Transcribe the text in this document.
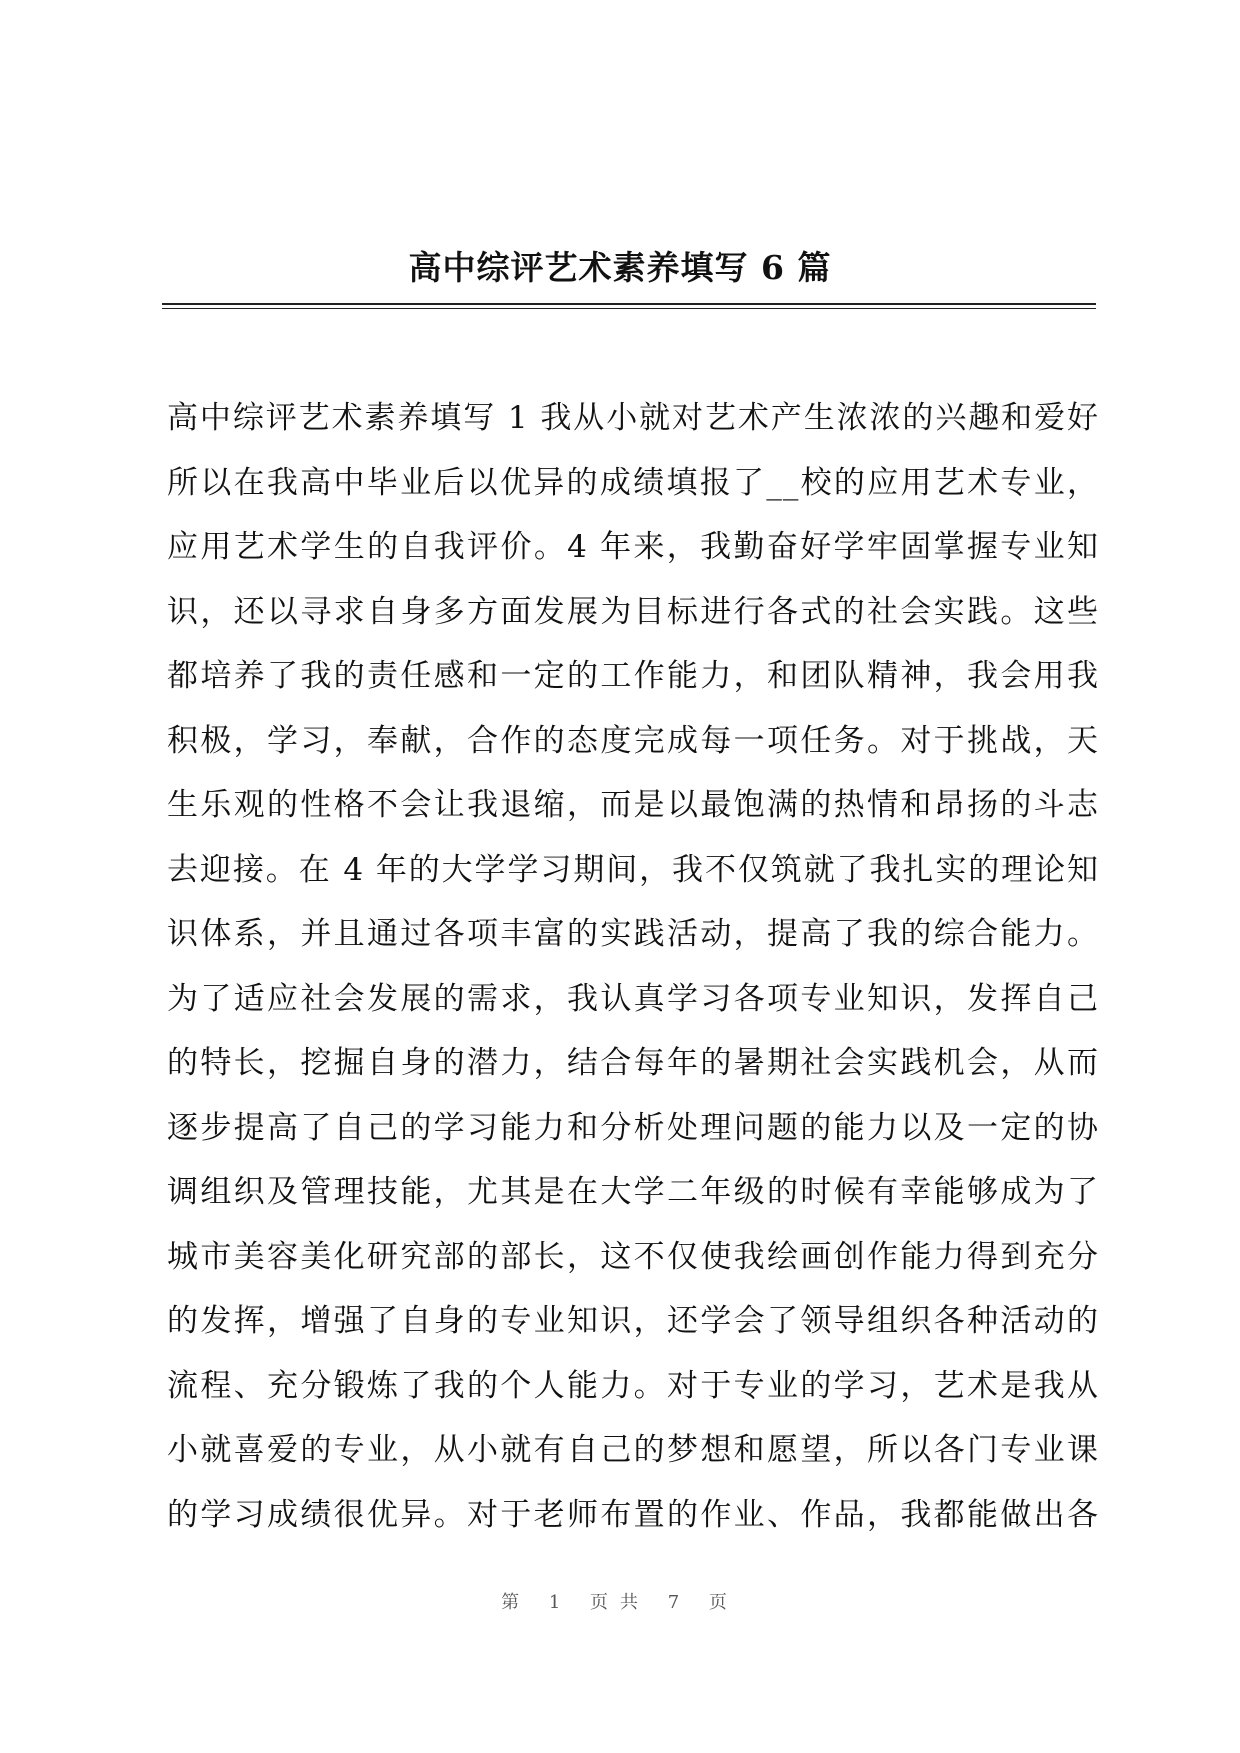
高中综评艺术素养填写 6 篇
高中综评艺术素养填写 1 我从小就对艺术产生浓浓的兴趣和爱好
所以在我高中毕业后以优异的成绩填报了__校的应用艺术专业，
应用艺术学生的自我评价。4 年来，我勤奋好学牢固掌握专业知
识，还以寻求自身多方面发展为目标进行各式的社会实践。这些
都培养了我的责任感和一定的工作能力，和团队精神，我会用我
积极，学习，奉献，合作的态度完成每一项任务。对于挑战，天
生乐观的性格不会让我退缩，而是以最饱满的热情和昂扬的斗志
去迎接。在 4 年的大学学习期间，我不仅筑就了我扎实的理论知
识体系，并且通过各项丰富的实践活动，提高了我的综合能力。
为了适应社会发展的需求，我认真学习各项专业知识，发挥自己
的特长，挖掘自身的潜力，结合每年的暑期社会实践机会，从而
逐步提高了自己的学习能力和分析处理问题的能力以及一定的协
调组织及管理技能，尤其是在大学二年级的时候有幸能够成为了
城市美容美化研究部的部长，这不仅使我绘画创作能力得到充分
的发挥，增强了自身的专业知识，还学会了领导组织各种活动的
流程、充分锻炼了我的个人能力。对于专业的学习，艺术是我从
小就喜爱的专业，从小就有自己的梦想和愿望，所以各门专业课
的学习成绩很优异。对于老师布置的作业、作品，我都能做出各
第 1 页共 7 页
